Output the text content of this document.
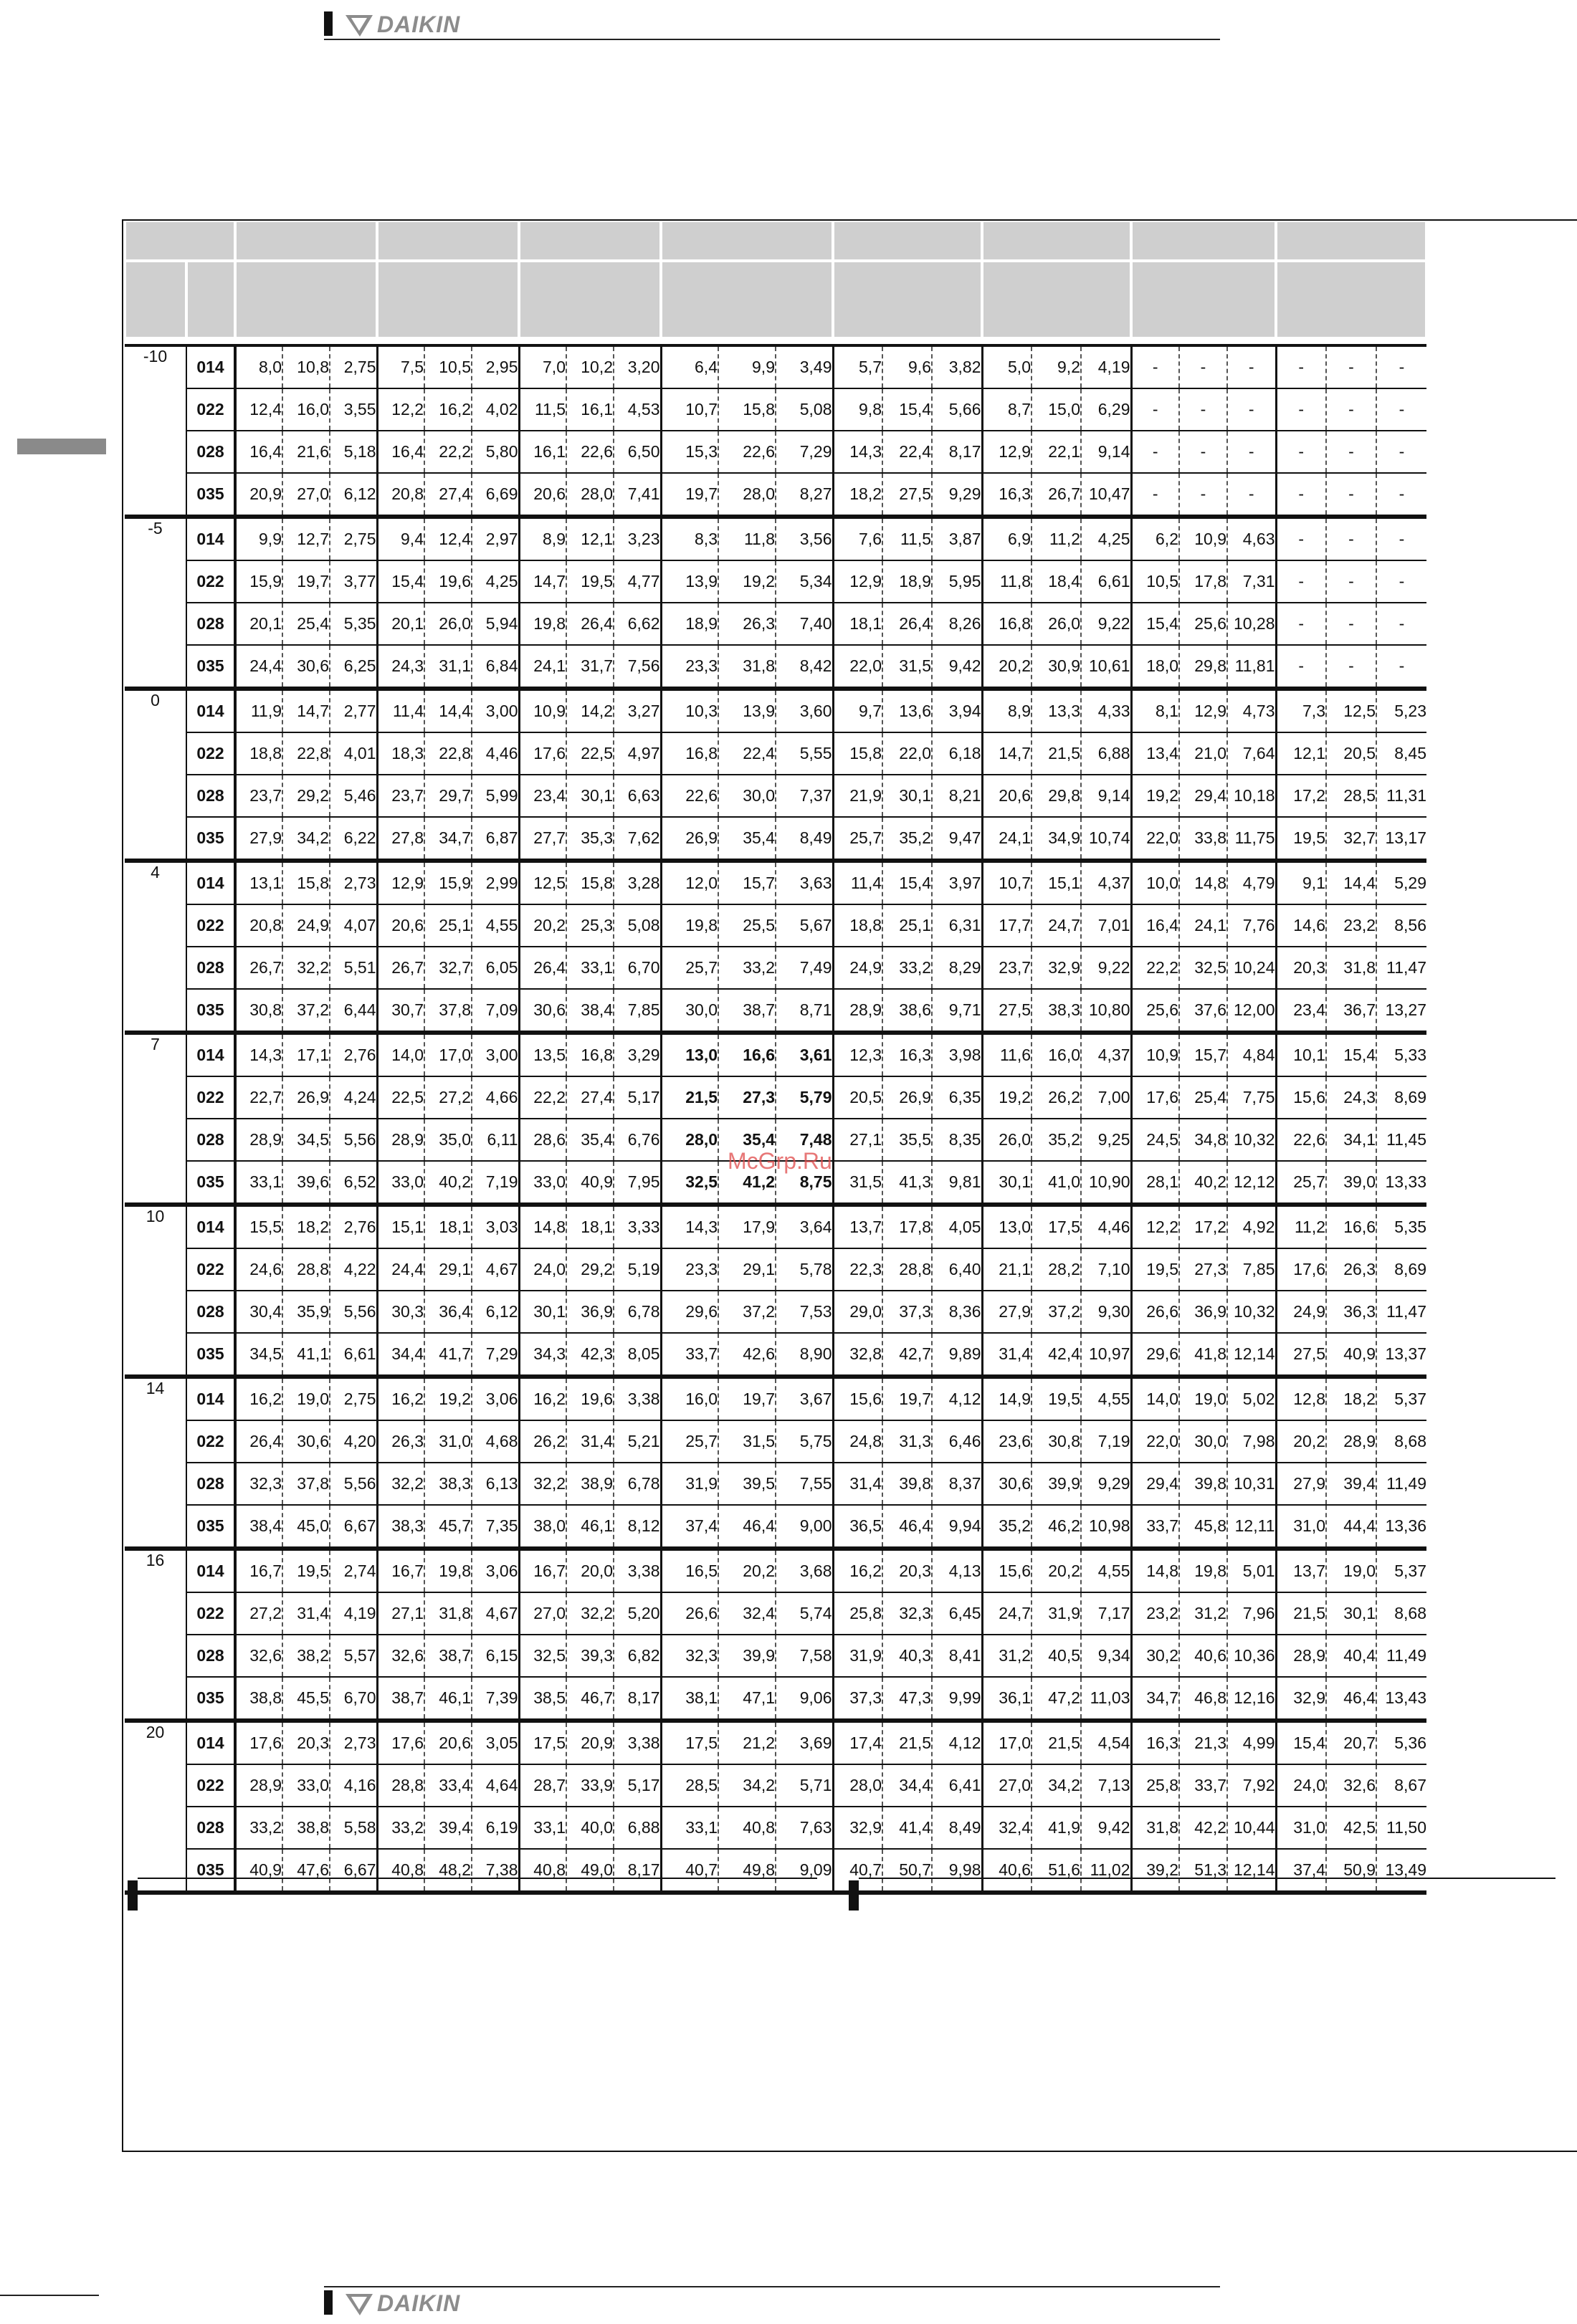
DAIKIN
-10	014	8,0	10,8	2,75	7,5	10,5	2,95	7,0	10,2	3,20	6,4	9,9	3,49	5,7	9,6	3,82	5,0	9,2	4,19	-	-	-	-	-	-
	022	12,4	16,0	3,55	12,2	16,2	4,02	11,5	16,1	4,53	10,7	15,8	5,08	9,8	15,4	5,66	8,7	15,0	6,29	-	-	-	-	-	-
	028	16,4	21,6	5,18	16,4	22,2	5,80	16,1	22,6	6,50	15,3	22,6	7,29	14,3	22,4	8,17	12,9	22,1	9,14	-	-	-	-	-	-
	035	20,9	27,0	6,12	20,8	27,4	6,69	20,6	28,0	7,41	19,7	28,0	8,27	18,2	27,5	9,29	16,3	26,7	10,47	-	-	-	-	-	-
-5	014	9,9	12,7	2,75	9,4	12,4	2,97	8,9	12,1	3,23	8,3	11,8	3,56	7,6	11,5	3,87	6,9	11,2	4,25	6,2	10,9	4,63	-	-	-
	022	15,9	19,7	3,77	15,4	19,6	4,25	14,7	19,5	4,77	13,9	19,2	5,34	12,9	18,9	5,95	11,8	18,4	6,61	10,5	17,8	7,31	-	-	-
	028	20,1	25,4	5,35	20,1	26,0	5,94	19,8	26,4	6,62	18,9	26,3	7,40	18,1	26,4	8,26	16,8	26,0	9,22	15,4	25,6	10,28	-	-	-
	035	24,4	30,6	6,25	24,3	31,1	6,84	24,1	31,7	7,56	23,3	31,8	8,42	22,0	31,5	9,42	20,2	30,9	10,61	18,0	29,8	11,81	-	-	-
0	014	11,9	14,7	2,77	11,4	14,4	3,00	10,9	14,2	3,27	10,3	13,9	3,60	9,7	13,6	3,94	8,9	13,3	4,33	8,1	12,9	4,73	7,3	12,5	5,23
	022	18,8	22,8	4,01	18,3	22,8	4,46	17,6	22,5	4,97	16,8	22,4	5,55	15,8	22,0	6,18	14,7	21,5	6,88	13,4	21,0	7,64	12,1	20,5	8,45
	028	23,7	29,2	5,46	23,7	29,7	5,99	23,4	30,1	6,63	22,6	30,0	7,37	21,9	30,1	8,21	20,6	29,8	9,14	19,2	29,4	10,18	17,2	28,5	11,31
	035	27,9	34,2	6,22	27,8	34,7	6,87	27,7	35,3	7,62	26,9	35,4	8,49	25,7	35,2	9,47	24,1	34,9	10,74	22,0	33,8	11,75	19,5	32,7	13,17
4	014	13,1	15,8	2,73	12,9	15,9	2,99	12,5	15,8	3,28	12,0	15,7	3,63	11,4	15,4	3,97	10,7	15,1	4,37	10,0	14,8	4,79	9,1	14,4	5,29
	022	20,8	24,9	4,07	20,6	25,1	4,55	20,2	25,3	5,08	19,8	25,5	5,67	18,8	25,1	6,31	17,7	24,7	7,01	16,4	24,1	7,76	14,6	23,2	8,56
	028	26,7	32,2	5,51	26,7	32,7	6,05	26,4	33,1	6,70	25,7	33,2	7,49	24,9	33,2	8,29	23,7	32,9	9,22	22,2	32,5	10,24	20,3	31,8	11,47
	035	30,8	37,2	6,44	30,7	37,8	7,09	30,6	38,4	7,85	30,0	38,7	8,71	28,9	38,6	9,71	27,5	38,3	10,80	25,6	37,6	12,00	23,4	36,7	13,27
7	014	14,3	17,1	2,76	14,0	17,0	3,00	13,5	16,8	3,29	13,0	16,6	3,61	12,3	16,3	3,98	11,6	16,0	4,37	10,9	15,7	4,84	10,1	15,4	5,33
	022	22,7	26,9	4,24	22,5	27,2	4,66	22,2	27,4	5,17	21,5	27,3	5,79	20,5	26,9	6,35	19,2	26,2	7,00	17,6	25,4	7,75	15,6	24,3	8,69
	028	28,9	34,5	5,56	28,9	35,0	6,11	28,6	35,4	6,76	28,0	35,4	7,48	27,1	35,5	8,35	26,0	35,2	9,25	24,5	34,8	10,32	22,6	34,1	11,45
	035	33,1	39,6	6,52	33,0	40,2	7,19	33,0	40,9	7,95	32,5	41,2	8,75	31,5	41,3	9,81	30,1	41,0	10,90	28,1	40,2	12,12	25,7	39,0	13,33
10	014	15,5	18,2	2,76	15,1	18,1	3,03	14,8	18,1	3,33	14,3	17,9	3,64	13,7	17,8	4,05	13,0	17,5	4,46	12,2	17,2	4,92	11,2	16,6	5,35
	022	24,6	28,8	4,22	24,4	29,1	4,67	24,0	29,2	5,19	23,3	29,1	5,78	22,3	28,8	6,40	21,1	28,2	7,10	19,5	27,3	7,85	17,6	26,3	8,69
	028	30,4	35,9	5,56	30,3	36,4	6,12	30,1	36,9	6,78	29,6	37,2	7,53	29,0	37,3	8,36	27,9	37,2	9,30	26,6	36,9	10,32	24,9	36,3	11,47
	035	34,5	41,1	6,61	34,4	41,7	7,29	34,3	42,3	8,05	33,7	42,6	8,90	32,8	42,7	9,89	31,4	42,4	10,97	29,6	41,8	12,14	27,5	40,9	13,37
14	014	16,2	19,0	2,75	16,2	19,2	3,06	16,2	19,6	3,38	16,0	19,7	3,67	15,6	19,7	4,12	14,9	19,5	4,55	14,0	19,0	5,02	12,8	18,2	5,37
	022	26,4	30,6	4,20	26,3	31,0	4,68	26,2	31,4	5,21	25,7	31,5	5,75	24,8	31,3	6,46	23,6	30,8	7,19	22,0	30,0	7,98	20,2	28,9	8,68
	028	32,3	37,8	5,56	32,2	38,3	6,13	32,2	38,9	6,78	31,9	39,5	7,55	31,4	39,8	8,37	30,6	39,9	9,29	29,4	39,8	10,31	27,9	39,4	11,49
	035	38,4	45,0	6,67	38,3	45,7	7,35	38,0	46,1	8,12	37,4	46,4	9,00	36,5	46,4	9,94	35,2	46,2	10,98	33,7	45,8	12,11	31,0	44,4	13,36
16	014	16,7	19,5	2,74	16,7	19,8	3,06	16,7	20,0	3,38	16,5	20,2	3,68	16,2	20,3	4,13	15,6	20,2	4,55	14,8	19,8	5,01	13,7	19,0	5,37
	022	27,2	31,4	4,19	27,1	31,8	4,67	27,0	32,2	5,20	26,6	32,4	5,74	25,8	32,3	6,45	24,7	31,9	7,17	23,2	31,2	7,96	21,5	30,1	8,68
	028	32,6	38,2	5,57	32,6	38,7	6,15	32,5	39,3	6,82	32,3	39,9	7,58	31,9	40,3	8,41	31,2	40,5	9,34	30,2	40,6	10,36	28,9	40,4	11,49
	035	38,8	45,5	6,70	38,7	46,1	7,39	38,5	46,7	8,17	38,1	47,1	9,06	37,3	47,3	9,99	36,1	47,2	11,03	34,7	46,8	12,16	32,9	46,4	13,43
20	014	17,6	20,3	2,73	17,6	20,6	3,05	17,5	20,9	3,38	17,5	21,2	3,69	17,4	21,5	4,12	17,0	21,5	4,54	16,3	21,3	4,99	15,4	20,7	5,36
	022	28,9	33,0	4,16	28,8	33,4	4,64	28,7	33,9	5,17	28,5	34,2	5,71	28,0	34,4	6,41	27,0	34,2	7,13	25,8	33,7	7,92	24,0	32,6	8,67
	028	33,2	38,8	5,58	33,2	39,4	6,19	33,1	40,0	6,88	33,1	40,8	7,63	32,9	41,4	8,49	32,4	41,9	9,42	31,8	42,2	10,44	31,0	42,5	11,50
	035	40,9	47,6	6,67	40,8	48,2	7,38	40,8	49,0	8,17	40,7	49,8	9,09	40,7	50,7	9,98	40,6	51,6	11,02	39,2	51,3	12,14	37,4	50,9	13,49
McGrp.Ru
DAIKIN
